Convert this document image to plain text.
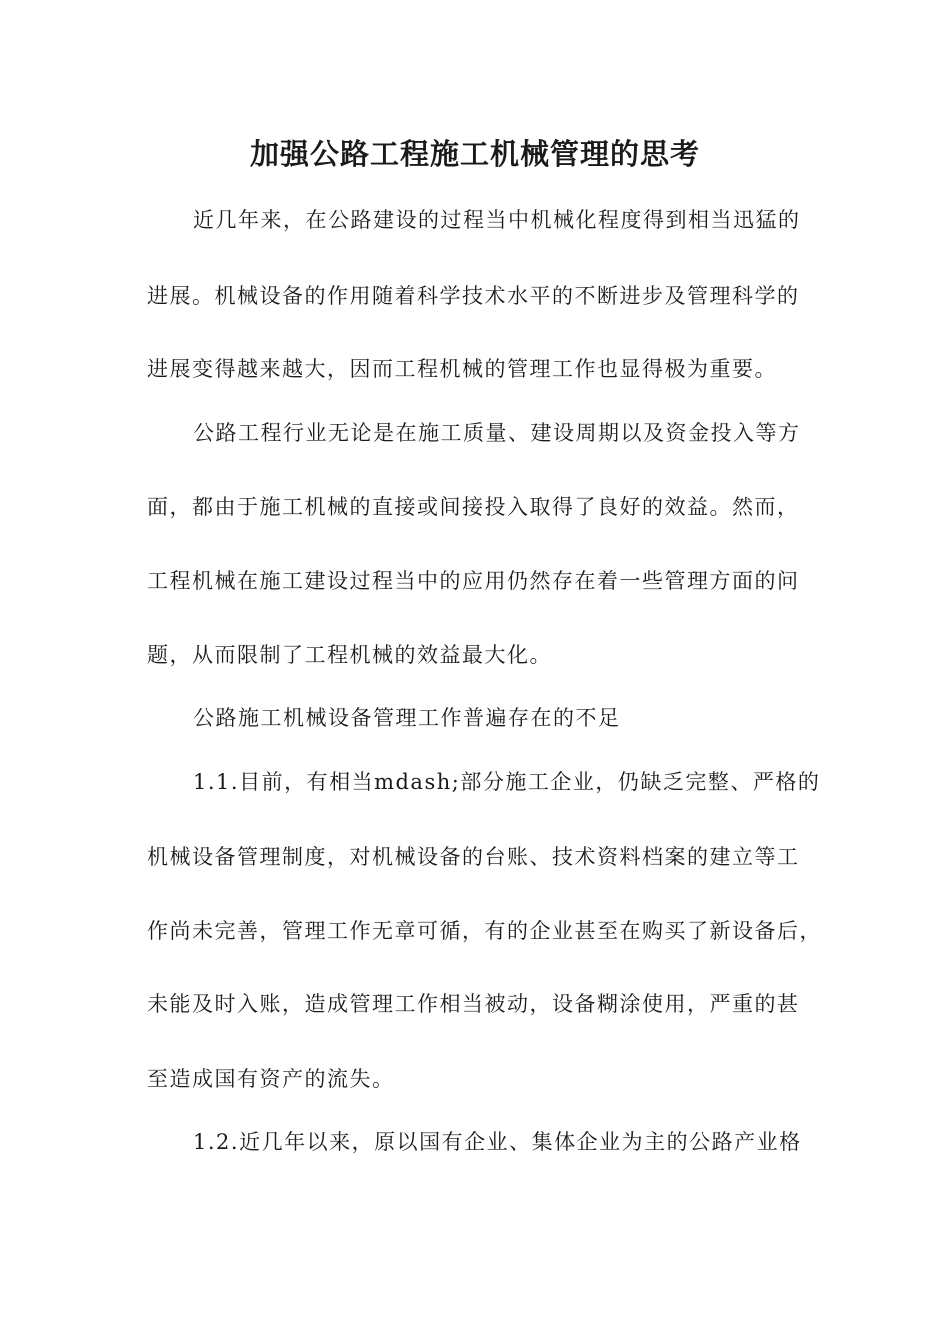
加强公路工程施工机械管理的思考
近几年来，在公路建设的过程当中机械化程度得到相当迅猛的
进展。机械设备的作用随着科学技术水平的不断进步及管理科学的
进展变得越来越大，因而工程机械的管理工作也显得极为重要。
公路工程行业无论是在施工质量、建设周期以及资金投入等方
面，都由于施工机械的直接或间接投入取得了良好的效益。然而，
工程机械在施工建设过程当中的应用仍然存在着一些管理方面的问
题，从而限制了工程机械的效益最大化。
公路施工机械设备管理工作普遍存在的不足
1.1.目前，有相当mdash;部分施工企业，仍缺乏完整、严格的
机械设备管理制度，对机械设备的台账、技术资料档案的建立等工
作尚未完善，管理工作无章可循，有的企业甚至在购买了新设备后，
未能及时入账，造成管理工作相当被动，设备糊涂使用，严重的甚
至造成国有资产的流失。
1.2.近几年以来，原以国有企业、集体企业为主的公路产业格
